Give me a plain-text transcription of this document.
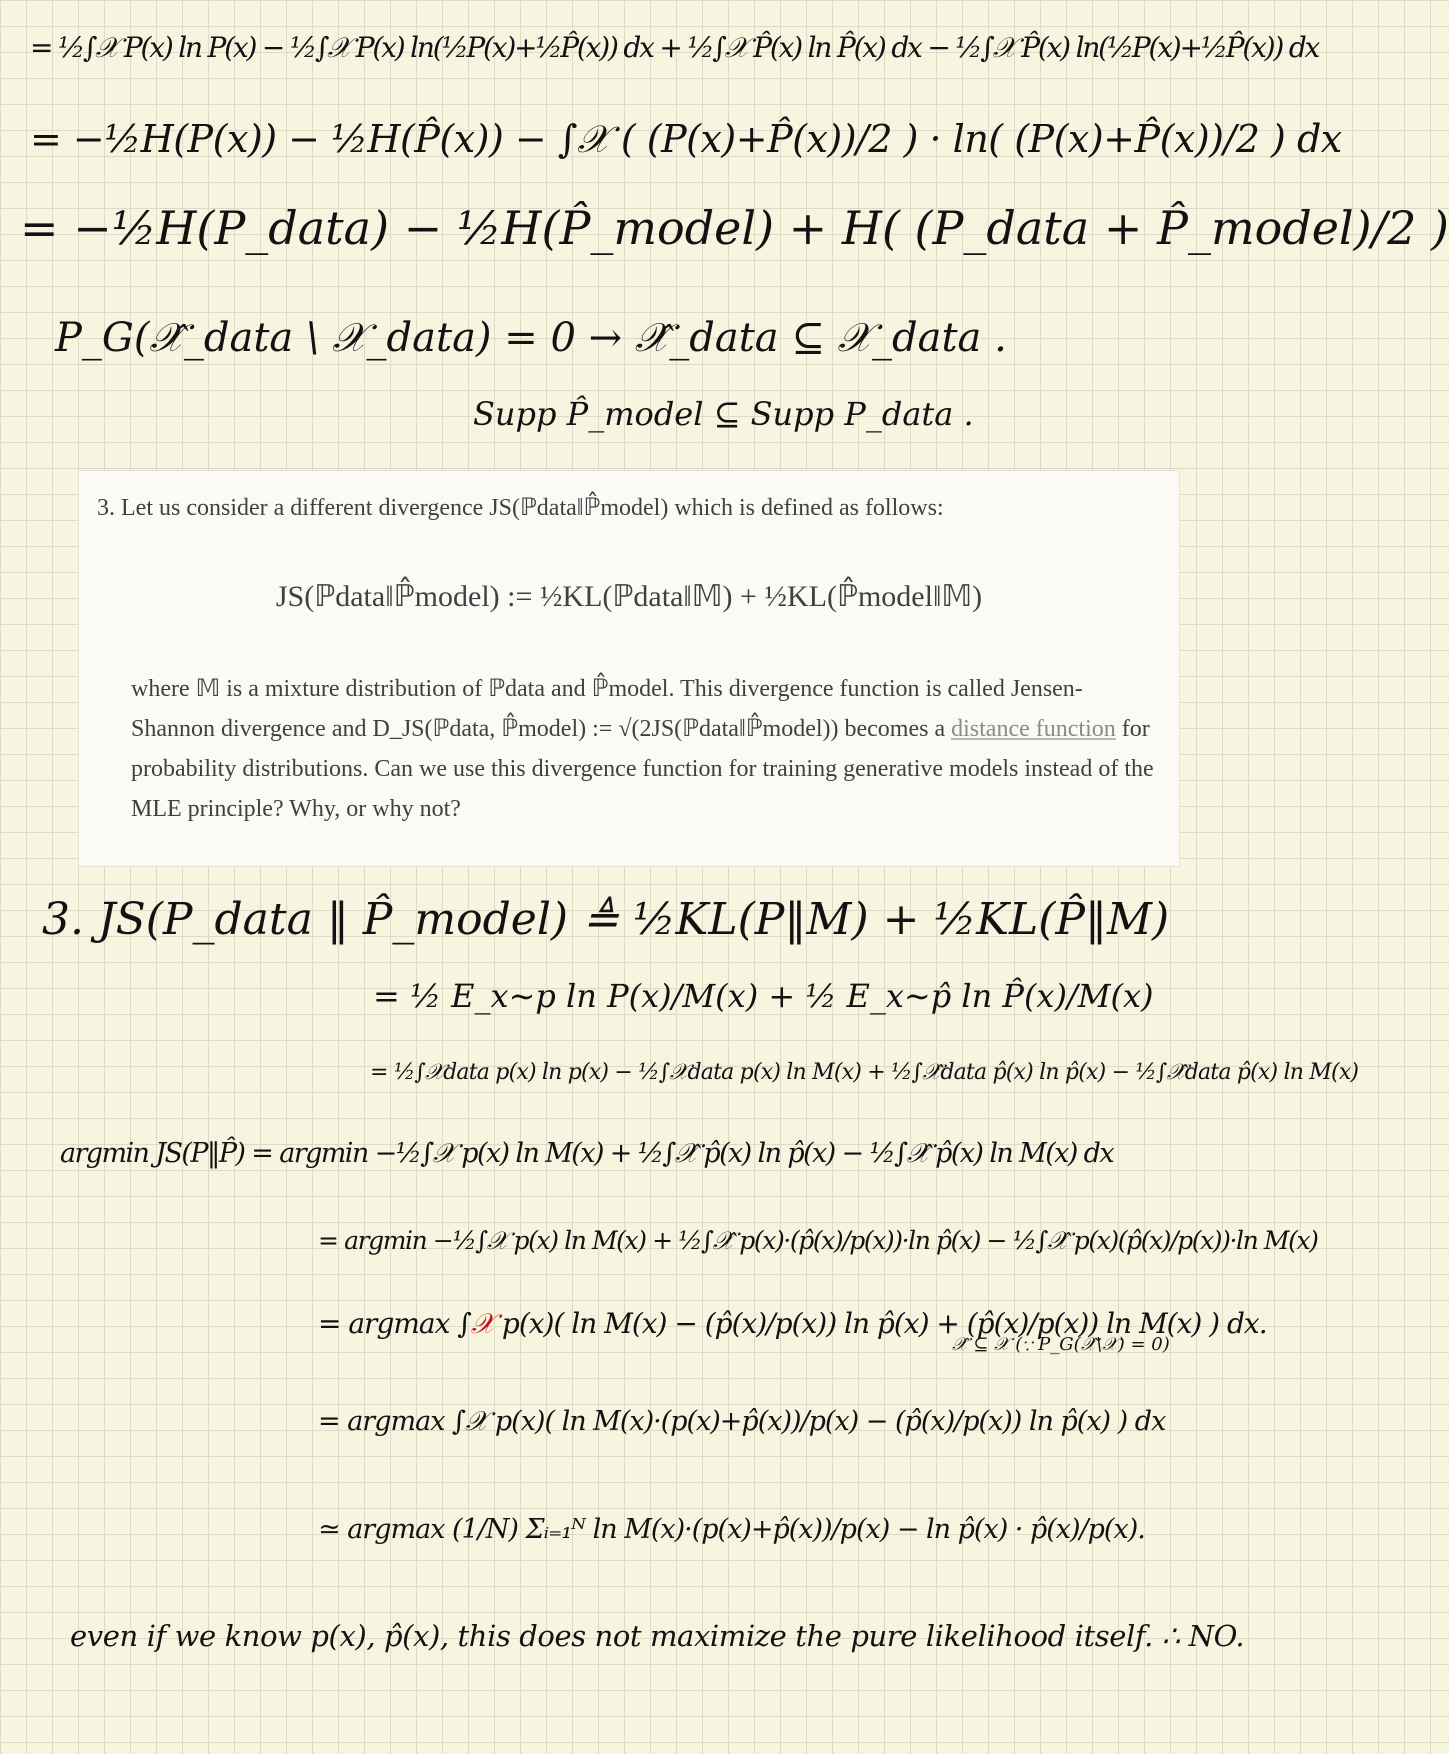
= ½∫𝒳 P(x) ln P(x) − ½∫𝒳 P(x) ln(½P(x)+½P̂(x)) dx + ½∫𝒳 P̂(x) ln P̂(x) dx − ½∫𝒳 P̂(x) ln(½P(x)+½P̂(x)) dx
= −½H(P(x)) − ½H(P̂(x)) − ∫𝒳 ( (P(x)+P̂(x))/2 ) · ln( (P(x)+P̂(x))/2 ) dx
= −½H(P_data) − ½H(P̂_model) + H( (P_data + P̂_model)/2 )
P_G(𝒳̂_data \ 𝒳_data) = 0 → 𝒳̂_data ⊆ 𝒳_data .
Supp P̂_model ⊆ Supp P_data .
3. Let us consider a different divergence JS(ℙdata‖ℙ̂model) which is defined as follows:
JS(ℙdata‖ℙ̂model) := ½KL(ℙdata‖𝕄) + ½KL(ℙ̂model‖𝕄)
where 𝕄 is a mixture distribution of ℙdata and ℙ̂model. This divergence function is called Jensen-Shannon divergence and D_JS(ℙdata, ℙ̂model) := √(2JS(ℙdata‖ℙ̂model)) becomes a distance function for probability distributions. Can we use this divergence function for training generative models instead of the MLE principle? Why, or why not?
3. JS(P_data ‖ P̂_model) ≜ ½KL(P‖M) + ½KL(P̂‖M)
= ½ E_x∼p ln P(x)/M(x) + ½ E_x∼p̂ ln P̂(x)/M(x)
= ½∫𝒳data p(x) ln p(x) − ½∫𝒳data p(x) ln M(x) + ½∫𝒳̂data p̂(x) ln p̂(x) − ½∫𝒳̂data p̂(x) ln M(x)
argmin JS(P‖P̂) = argmin −½∫𝒳 p(x) ln M(x) + ½∫𝒳̂ p̂(x) ln p̂(x) − ½∫𝒳̂ p̂(x) ln M(x) dx
= argmin −½∫𝒳 p(x) ln M(x) + ½∫𝒳̂ p(x)·(p̂(x)/p(x))·ln p̂(x) − ½∫𝒳̂ p(x)(p̂(x)/p(x))·ln M(x)
= argmax ∫𝒳 p(x)( ln M(x) − (p̂(x)/p(x)) ln p̂(x) + (p̂(x)/p(x)) ln M(x) ) dx.
𝒳̂ ⊆ 𝒳 (∵ P_G(𝒳̂\𝒳) = 0)
= argmax ∫𝒳 p(x)( ln M(x)·(p(x)+p̂(x))/p(x) − (p̂(x)/p(x)) ln p̂(x) ) dx
≃ argmax (1/N) Σᵢ₌₁ᴺ ln M(x)·(p(x)+p̂(x))/p(x) − ln p̂(x) · p̂(x)/p(x).
even if we know p(x), p̂(x), this does not maximize the pure likelihood itself. ∴ NO.
